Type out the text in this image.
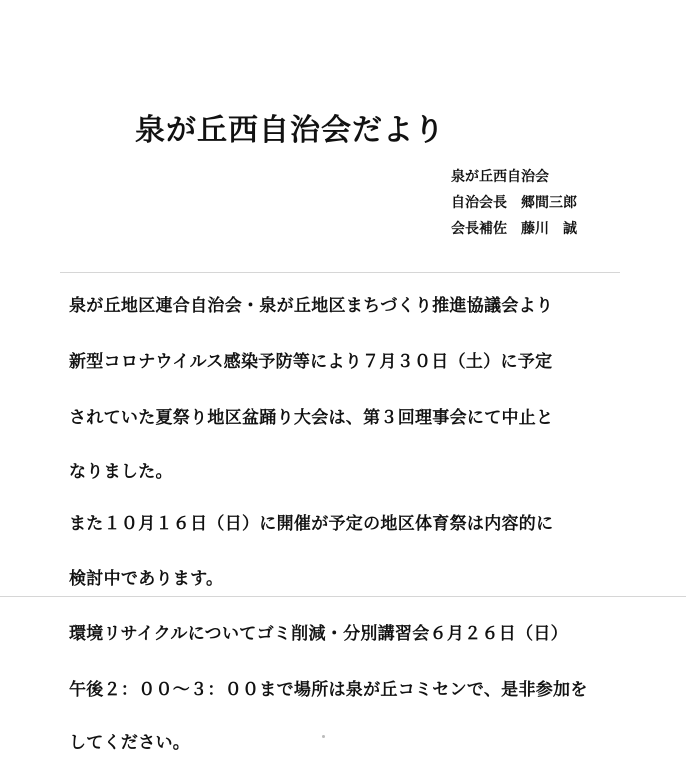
泉が丘西自治会だより
泉が丘西自治会
自治会長　郷間三郎
会長補佐　藤川　誠
泉が丘地区連合自治会・泉が丘地区まちづくり推進協議会より
新型コロナウイルス感染予防等により７月３０日（土）に予定
されていた夏祭り地区盆踊り大会は、第３回理事会にて中止と
なりました。
また１０月１６日（日）に開催が予定の地区体育祭は内容的に
検討中であります。
環境リサイクルについてゴミ削減・分別講習会６月２６日（日）
午後２：００～３：００まで場所は泉が丘コミセンで、是非参加を
してください。
